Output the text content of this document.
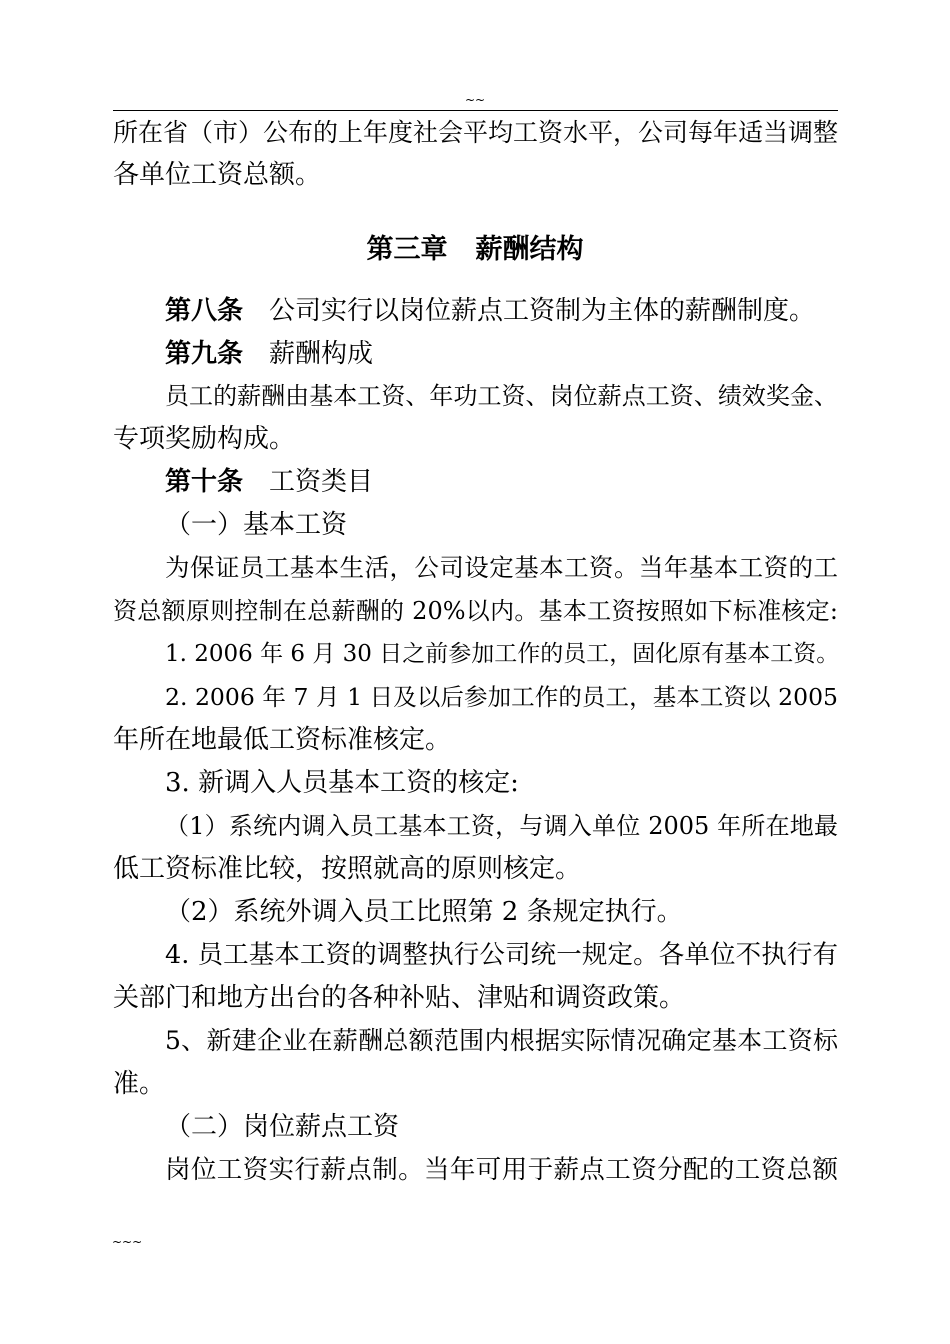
~~
所在省（市）公布的上年度社会平均工资水平，公司每年适当调整
各单位工资总额。
第三章 薪酬结构
第八条 公司实行以岗位薪点工资制为主体的薪酬制度。
第九条 薪酬构成
员工的薪酬由基本工资、年功工资、岗位薪点工资、绩效奖金、
专项奖励构成。
第十条 工资类目
（一）基本工资
为保证员工基本生活，公司设定基本工资。当年基本工资的工
资总额原则控制在总薪酬的 20%以内。基本工资按照如下标准核定:
1. 2006 年 6 月 30 日之前参加工作的员工，固化原有基本工资。
2. 2006 年 7 月 1 日及以后参加工作的员工，基本工资以 2005
年所在地最低工资标准核定。
3. 新调入人员基本工资的核定:
（1）系统内调入员工基本工资，与调入单位 2005 年所在地最
低工资标准比较，按照就高的原则核定。
（2）系统外调入员工比照第 2 条规定执行。
4. 员工基本工资的调整执行公司统一规定。各单位不执行有
关部门和地方出台的各种补贴、津贴和调资政策。
5、新建企业在薪酬总额范围内根据实际情况确定基本工资标
准。
（二）岗位薪点工资
岗位工资实行薪点制。当年可用于薪点工资分配的工资总额
~~~
